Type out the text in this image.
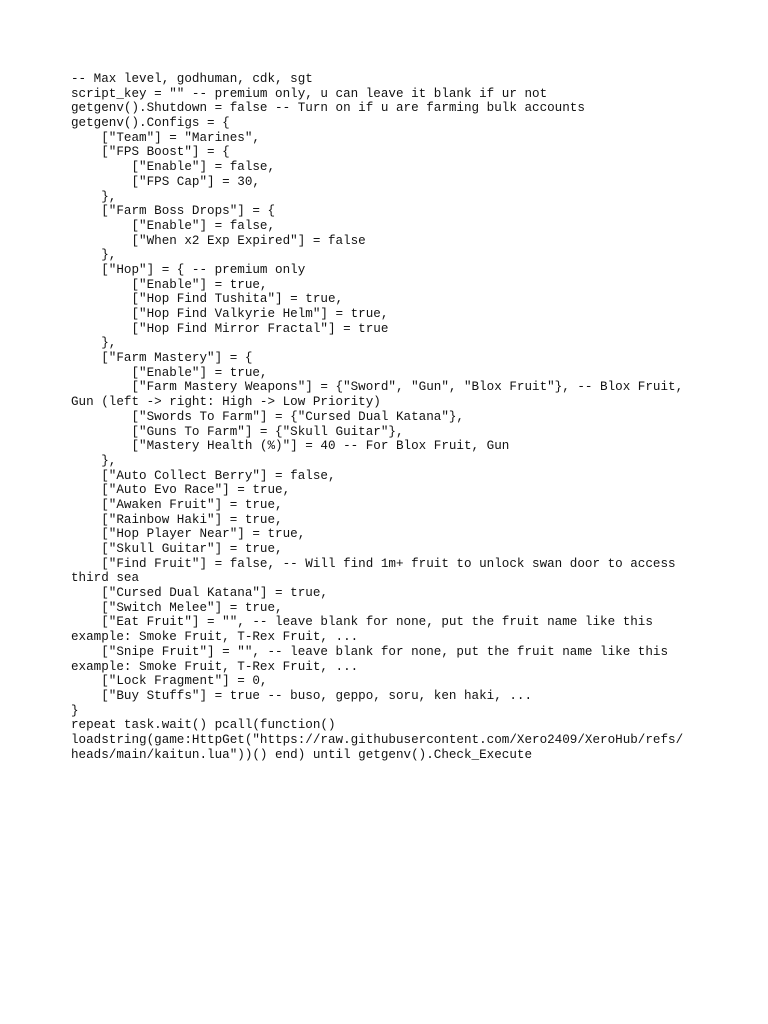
-- Max level, godhuman, cdk, sgt
script_key = "" -- premium only, u can leave it blank if ur not
getgenv().Shutdown = false -- Turn on if u are farming bulk accounts
getgenv().Configs = {
["Team"] = "Marines",
["FPS Boost"] = {
["Enable"] = false,
["FPS Cap"] = 30,
},
["Farm Boss Drops"] = {
["Enable"] = false,
["When x2 Exp Expired"] = false
},
["Hop"] = { -- premium only
["Enable"] = true,
["Hop Find Tushita"] = true,
["Hop Find Valkyrie Helm"] = true,
["Hop Find Mirror Fractal"] = true
},
["Farm Mastery"] = {
["Enable"] = true,
["Farm Mastery Weapons"] = {"Sword", "Gun", "Blox Fruit"}, -- Blox Fruit,
Gun (left -> right: High -> Low Priority)
["Swords To Farm"] = {"Cursed Dual Katana"},
["Guns To Farm"] = {"Skull Guitar"},
["Mastery Health (%)"] = 40 -- For Blox Fruit, Gun
},
["Auto Collect Berry"] = false,
["Auto Evo Race"] = true,
["Awaken Fruit"] = true,
["Rainbow Haki"] = true,
["Hop Player Near"] = true,
["Skull Guitar"] = true,
["Find Fruit"] = false, -- Will find 1m+ fruit to unlock swan door to access
third sea
["Cursed Dual Katana"] = true,
["Switch Melee"] = true,
["Eat Fruit"] = "", -- leave blank for none, put the fruit name like this
example: Smoke Fruit, T-Rex Fruit, ...
["Snipe Fruit"] = "", -- leave blank for none, put the fruit name like this
example: Smoke Fruit, T-Rex Fruit, ...
["Lock Fragment"] = 0,
["Buy Stuffs"] = true -- buso, geppo, soru, ken haki, ...
}
repeat task.wait() pcall(function()
loadstring(game:HttpGet("https://raw.githubusercontent.com/Xero2409/XeroHub/refs/
heads/main/kaitun.lua"))() end) until getgenv().Check_Execute
